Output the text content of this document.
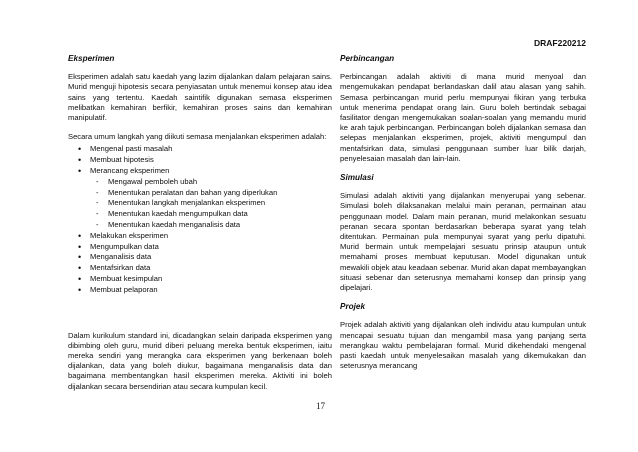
DRAF220212
Eksperimen

Eksperimen adalah satu kaedah yang lazim dijalankan dalam pelajaran sains. Murid menguji hipotesis secara penyiasatan untuk menemui konsep atau idea sains yang tertentu. Kaedah saintifik digunakan semasa eksperimen melibatkan kemahiran berfikir, kemahiran proses sains dan kemahiran manipulatif.

Secara umum langkah yang diikuti semasa menjalankan eksperimen adalah:

• Mengenal pasti masalah
• Membuat hipotesis
• Merancang eksperimen
- Mengawal pemboleh ubah
- Menentukan peralatan dan bahan yang diperlukan
- Menentukan langkah menjalankan eksperimen
- Menentukan kaedah mengumpulkan data
- Menentukan kaedah menganalisis data
• Melakukan eksperimen
• Mengumpulkan data
• Menganalisis data
• Mentafsirkan data
• Membuat kesimpulan
• Membuat pelaporan

Dalam kurikulum standard ini, dicadangkan selain daripada eksperimen yang dibimbing oleh guru, murid diberi peluang mereka bentuk eksperimen, iaitu mereka sendiri yang merangka cara eksperimen yang berkenaan boleh dijalankan, data yang boleh diukur, bagaimana menganalisis data dan bagaimana membentangkan hasil eksperimen mereka. Aktiviti ini boleh dijalankan secara bersendirian atau secara kumpulan kecil.

Perbincangan

Perbincangan adalah aktiviti di mana murid menyoal dan mengemukakan pendapat berlandaskan dalil atau alasan yang sahih. Semasa perbincangan murid perlu mempunyai fikiran yang terbuka untuk menerima pendapat orang lain. Guru boleh bertindak sebagai fasilitator dengan mengemukakan soalan-soalan yang memandu murid ke arah tajuk perbincangan. Perbincangan boleh dijalankan semasa dan selepas menjalankan eksperimen, projek, aktiviti mengumpul dan mentafsirkan data, simulasi penggunaan sumber luar bilik darjah, penyelesaian masalah dan lain-lain.

Simulasi

Simulasi adalah aktiviti yang dijalankan menyerupai yang sebenar. Simulasi boleh dilaksanakan melalui main peranan, permainan atau penggunaan model. Dalam main peranan, murid melakonkan sesuatu peranan secara spontan berdasarkan beberapa syarat yang telah ditentukan. Permainan pula mempunyai syarat yang perlu dipatuhi. Murid bermain untuk mempelajari sesuatu prinsip ataupun untuk memahami proses membuat keputusan. Model digunakan untuk mewakili objek atau keadaan sebenar. Murid akan dapat membayangkan situasi sebenar dan seterusnya memahami konsep dan prinsip yang dipelajari.

Projek

Projek adalah aktiviti yang dijalankan oleh individu atau kumpulan untuk mencapai sesuatu tujuan dan mengambil masa yang panjang serta merangkau waktu pembelajaran formal. Murid dikehendaki mengenal pasti kaedah untuk menyelesaikan masalah yang dikemukakan dan seterusnya merancang

17
